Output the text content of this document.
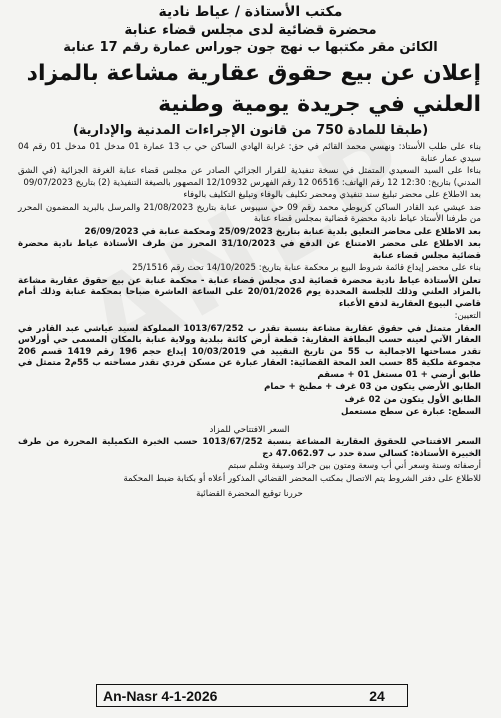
مكتب الأستاذة / عياط نادية
محضرة قضائية لدى مجلس قضاء عنابة
الكائن مقر مكتبها ب نهج جون جوراس عمارة رقم 17 عنابة
إعلان عن بيع حقوق عقارية مشاعة بالمزاد العلني في جريدة يومية وطنية
(طبقا للمادة 750 من قانون الإجراءات المدنية والإدارية)

بناء على طلب الأستاذ: ونهسي محمد القائم في حق: غرابة الهادي الساكن حي ب 13 عمارة 01 مدخل 01 مدخل 01 رقم 04 سيدي عمار عنابة

بناءا على السيد السعيدي المتمثل في نسخة تنفيذية للقرار الجزائي الصادر عن مجلس قضاء عنابة الغرفة الجزائية (في الشق المدني) بتاريخ: 12:30 12 رقم الهاتف: 06516 12 رقم الفهرس 12/10932 المصهور بالصيغة التنفيذية (2) بتاريخ 09/07/2023

بعد الاطلاع على محضر تبليغ سند تنفيذي ومحضر تكليف بالوفاء وتبليغ التكليف بالوفاء

ضد عيشي عبد القادر الساكن كريوطي محمد رقم 09 حي سيبوس عنابة بتاريخ 21/08/2023 والمرسل بالبريد المضمون المحرر من طرفنا الأستاذ عياط نادية محضرة قضائية بمجلس قضاء عنابة

بعد الاطلاع على محاضر التعليق بلدية عنابة بتاريخ 25/09/2023 ومحكمة عنابة في 26/09/2023

بعد الاطلاع على محضر الامتناع عن الدفع في 31/10/2023 المحرر من طرف الأستاذة عياط نادية محضرة قضائية مجلس قضاء عنابة

بناء على محضر إيداع قائمة شروط البيع بر محكمة عنابة بتاريخ: 14/10/2025 تحت رقم 25/1516

تعلن الأستاذة عياط نادية محضرة قضائية لدى مجلس قضاء عنابة - محكمة عنابة عن بيع حقوق عقارية مشاعة بالمزاد العلني وذلك للجلسة المحددة يوم 20/01/2026 على الساعة العاشرة صباحا بمحكمة عنابة وذلك أمام قاضي البيوع العقارية لدفع الأعباء

التعيين:

العقار متمثل في حقوق عقارية مشاعة بنسبة تقدر ب 1013/67/252 المملوكة لسيد عياشي عبد القادر في العقار الآتي لعينه حسب البطاقة العقارية: قطعة أرض كائنة ببلدية وولاية عنابة بالمكان المسمى حي أورلاس تقدر مساحتها الاجمالية ب 55 من تاريخ التقييد في 10/03/2019 إيداع حجم 196 رقم 1419 قسم 206 مجموعة ملكية 85 حسب العد المحة القضائية: العقار عبارة عن مسكن فردي تقدر مساحته ب 55م2 متمثل في طابق أرضي + 01 مستغل 01 + مسقم

الطابق الأرضي يتكون من 03 غرف + مطبخ + حمام

الطابق الأول يتكون من 02 غرف

السطح: عبارة عن سطح مستعمل

السعر الافتتاحي للمزاد

السعر الافتتاحي للحقوق العقارية المشاعة بنسبة 1013/67/252 حسب الخبرة التكميلية المحررة من طرف الخبيرة الأستاذة: كسالي سدة حدد ب 47.062.97 دج

أرصفاته وسنة وسعر أني أب وسعة ومتون بين جرائد وسيفة وشلم سبتم

للاطلاع على دفتر الشروط يتم الاتصال بمكتب المحضر القضائي المذكور أعلاه أو بكتابة ضبط المحكمة

حررنا توقيع المحضرة القضائية

An-Nasr 4-1-2026	24
